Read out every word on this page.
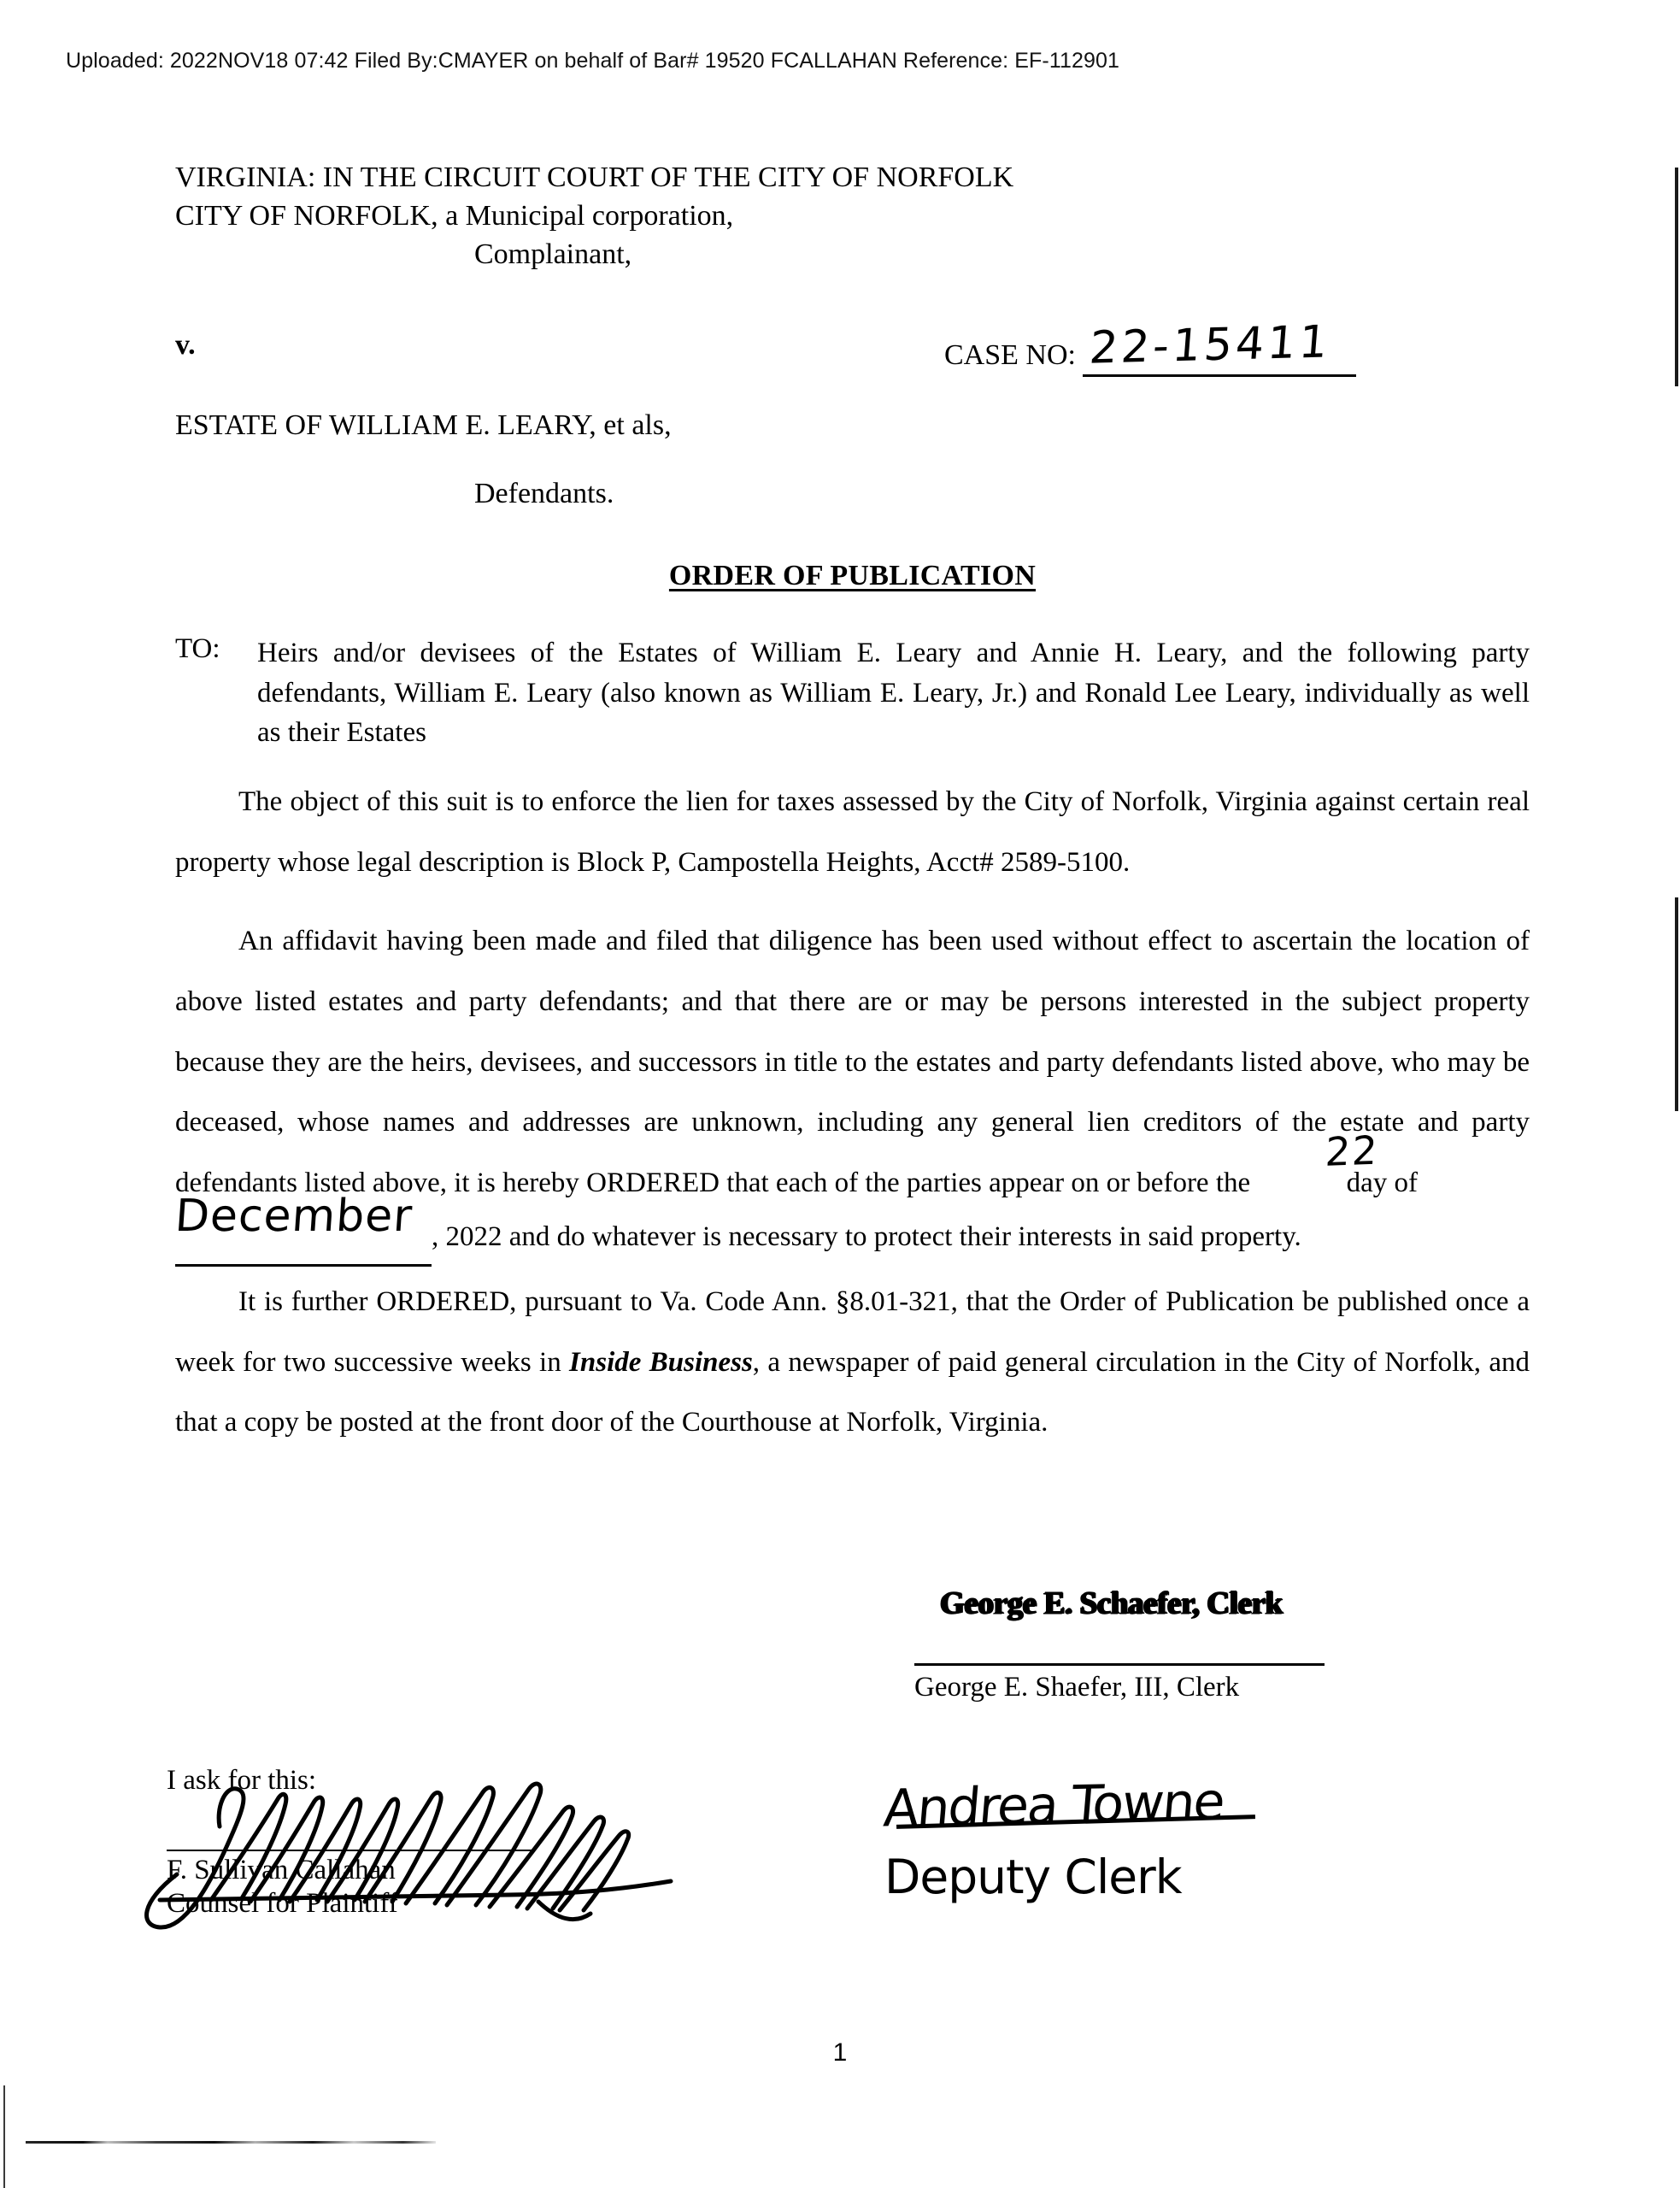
Uploaded: 2022NOV18 07:42 Filed By:CMAYER on behalf of Bar# 19520 FCALLAHAN Reference: EF-112901
VIRGINIA: IN THE CIRCUIT COURT OF THE CITY OF NORFOLK
CITY OF NORFOLK, a Municipal corporation,
Complainant,
v.	CASE NO: 22-15411
ESTATE OF WILLIAM E. LEARY, et als,
Defendants.
ORDER OF PUBLICATION
TO:	Heirs and/or devisees of the Estates of William E. Leary and Annie H. Leary, and the following party defendants, William E. Leary (also known as William E. Leary, Jr.) and Ronald Lee Leary, individually as well as their Estates
The object of this suit is to enforce the lien for taxes assessed by the City of Norfolk, Virginia against certain real property whose legal description is Block P, Campostella Heights, Acct# 2589-5100.
An affidavit having been made and filed that diligence has been used without effect to ascertain the location of above listed estates and party defendants; and that there are or may be persons interested in the subject property because they are the heirs, devisees, and successors in title to the estates and party defendants listed above, who may be deceased, whose names and addresses are unknown, including any general lien creditors of the estate and party defendants listed above, it is hereby ORDERED that each of the parties appear on or before the
22
day of
December , 2022 and do whatever is necessary to protect their interests in said property.
It is further ORDERED, pursuant to Va. Code Ann. §8.01-321, that the Order of Publication be published once a week for two successive weeks in Inside Business, a newspaper of paid general circulation in the City of Norfolk, and that a copy be posted at the front door of the Courthouse at Norfolk, Virginia.
George E. Schaefer, Clerk
George E. Shaefer, III, Clerk
I ask for this:
F. Sullivan Callahan
Counsel for Plaintiff
Andrea Towne
Deputy Clerk
1
